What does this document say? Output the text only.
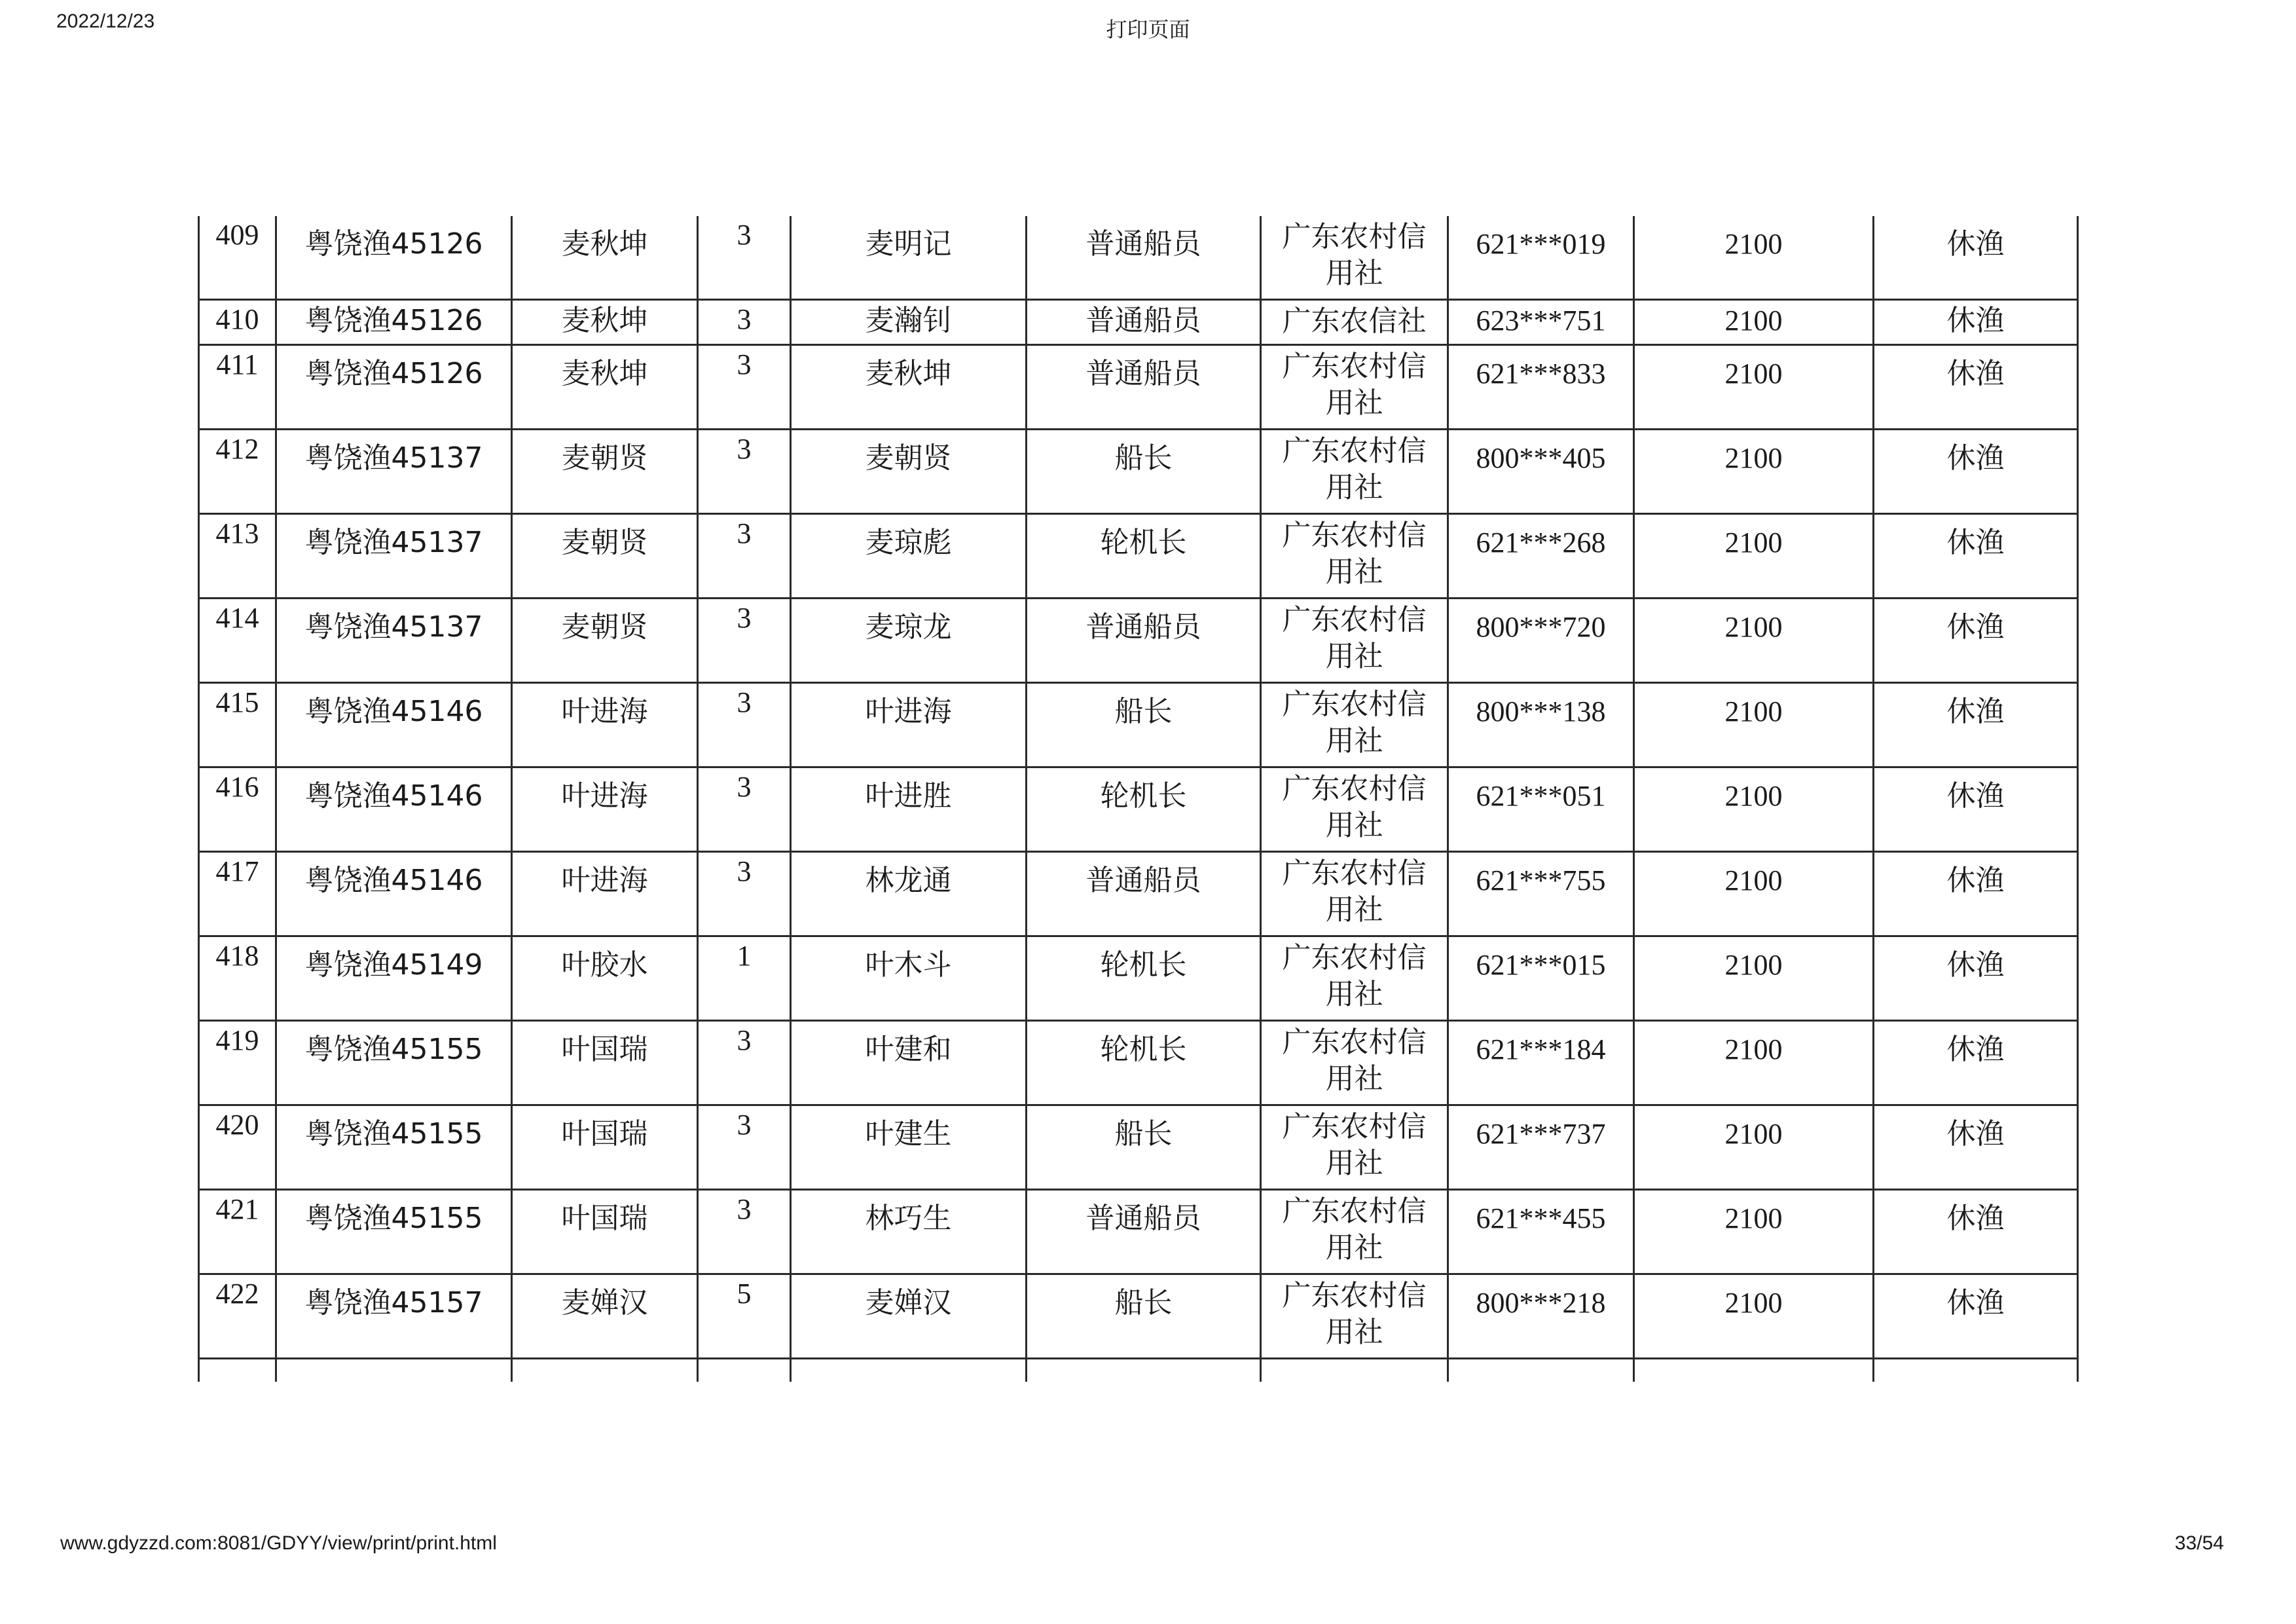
2022/12/23	打印页面
409	粤饶渔45126	麦秋坤	3	麦明记	普通船员	广东农村信
用社	621***019	2100	休渔

410	粤饶渔45126	麦秋坤	3	麦瀚钊	普通船员	广东农信社	623***751	2100	休渔

411	粤饶渔45126	麦秋坤	3	麦秋坤	普通船员	广东农村信
用社	621***833	2100	休渔

412	粤饶渔45137	麦朝贤	3	麦朝贤	船长	广东农村信
用社	800***405	2100	休渔

413	粤饶渔45137	麦朝贤	3	麦琼彪	轮机长	广东农村信
用社	621***268	2100	休渔

414	粤饶渔45137	麦朝贤	3	麦琼龙	普通船员	广东农村信
用社	800***720	2100	休渔

415	粤饶渔45146	叶进海	3	叶进海	船长	广东农村信
用社	800***138	2100	休渔

416	粤饶渔45146	叶进海	3	叶进胜	轮机长	广东农村信
用社	621***051	2100	休渔

417	粤饶渔45146	叶进海	3	林龙通	普通船员	广东农村信
用社	621***755	2100	休渔

418	粤饶渔45149	叶胶水	1	叶木斗	轮机长	广东农村信
用社	621***015	2100	休渔

419	粤饶渔45155	叶国瑞	3	叶建和	轮机长	广东农村信
用社	621***184	2100	休渔

420	粤饶渔45155	叶国瑞	3	叶建生	船长	广东农村信
用社	621***737	2100	休渔

421	粤饶渔45155	叶国瑞	3	林巧生	普通船员	广东农村信
用社	621***455	2100	休渔

422	粤饶渔45157	麦婵汉	5	麦婵汉	船长	广东农村信
用社	800***218	2100	休渔

www.gdyzzd.com:8081/GDYY/view/print/print.html	33/54
